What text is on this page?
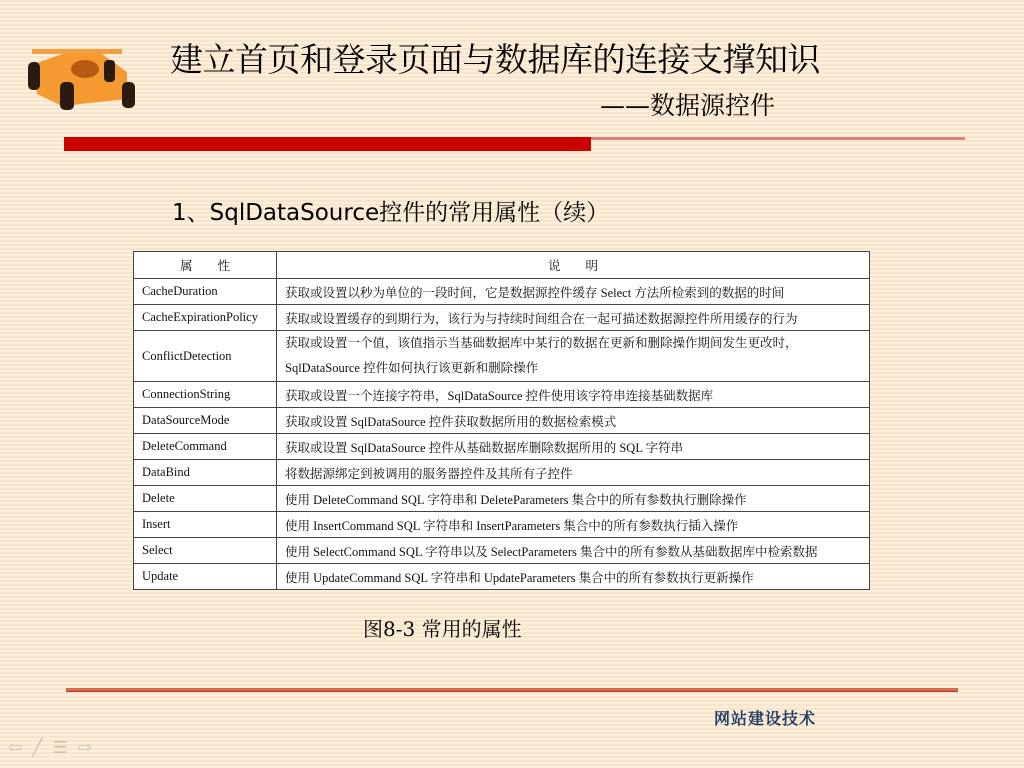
建立首页和登录页面与数据库的连接支撑知识
——数据源控件
1、SqlDataSource控件的常用属性（续）
属　　性	说　　明
CacheDuration	获取或设置以秒为单位的一段时间，它是数据源控件缓存 Select 方法所检索到的数据的时间
CacheExpirationPolicy	获取或设置缓存的到期行为，该行为与持续时间组合在一起可描述数据源控件所用缓存的行为
ConflictDetection	获取或设置一个值，该值指示当基础数据库中某行的数据在更新和删除操作期间发生更改时，SqlDataSource 控件如何执行该更新和删除操作
ConnectionString	获取或设置一个连接字符串，SqlDataSource 控件使用该字符串连接基础数据库
DataSourceMode	获取或设置 SqlDataSource 控件获取数据所用的数据检索模式
DeleteCommand	获取或设置 SqlDataSource 控件从基础数据库删除数据所用的 SQL 字符串
DataBind	将数据源绑定到被调用的服务器控件及其所有子控件
Delete	使用 DeleteCommand SQL 字符串和 DeleteParameters 集合中的所有参数执行删除操作
Insert	使用 InsertCommand SQL 字符串和 InsertParameters 集合中的所有参数执行插入操作
Select	使用 SelectCommand SQL 字符串以及 SelectParameters 集合中的所有参数从基础数据库中检索数据
Update	使用 UpdateCommand SQL 字符串和 UpdateParameters 集合中的所有参数执行更新操作
图8-3 常用的属性
网站建设技术
⇦ ╱ ☰ ⇨
